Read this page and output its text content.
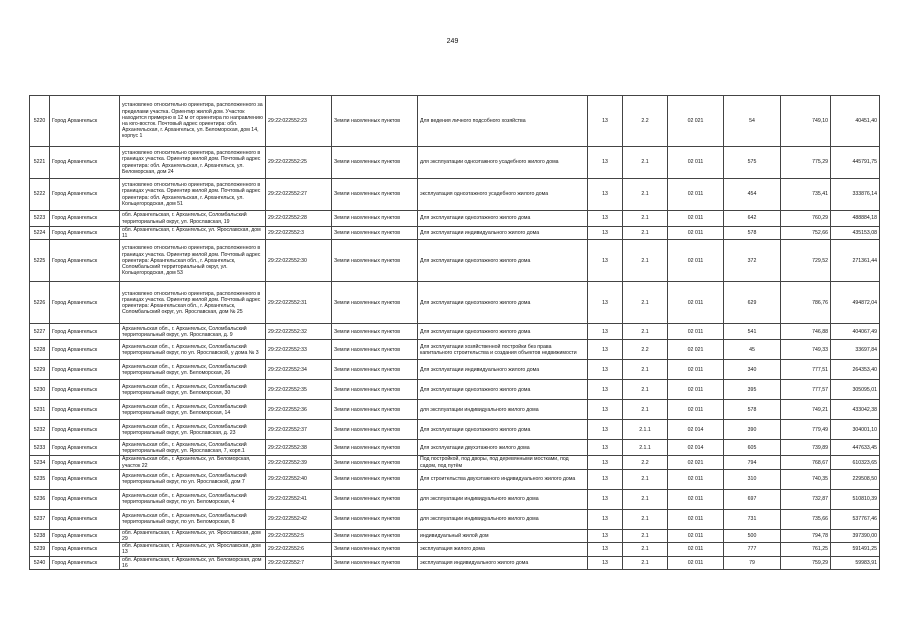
249
5220	Город Архангельск	установлено относительно ориентира, расположенного за пределами участка. Ориентир жилой дом. Участок находится примерно в 12 м от ориентира по направлению на юго-восток. Почтовый адрес ориентира: обл. Архангельская, г. Архангельск, ул. Беломорская, дом 14, корпус 1	29:22:022552:23	Земли населенных пунктов	Для ведения личного подсобного хозяйства	13	2.2	02 021	54	749,10	40451,40
5221	Город Архангельск	установлено относительно ориентира, расположенного в границах участка. Ориентир жилой дом. Почтовый адрес ориентира: обл. Архангельская, г. Архангельск, ул. Беломорская, дом 24	29:22:022552:25	Земли населенных пунктов	для эксплуатации одноэтажного усадебного жилого дома	13	2.1	02 011	575	775,29	445791,75
5222	Город Архангельск	установлено относительно ориентира, расположенного в границах участка. Ориентир жилой дом. Почтовый адрес ориентира: обл. Архангельская, г. Архангельск, ул. Кольцегородская, дом 51	29:22:022552:27	Земли населенных пунктов	эксплуатация одноэтажного усадебного жилого дома	13	2.1	02 011	454	735,41	333876,14
5223	Город Архангельск	обл. Архангельская, г. Архангельск, Соломбальский территориальный округ, ул. Ярославская, 19	29:22:022552:28	Земли населенных пунктов	Для эксплуатации одноэтажного жилого дома	13	2.1	02 011	642	760,29	488884,18
5224	Город Архангельск	обл. Архангельская, г. Архангельск, ул. Ярославская, дом 11	29:22:022552:3	Земли населенных пунктов	Для эксплуатации индивидуального жилого дома	13	2.1	02 011	578	752,66	435153,08
5225	Город Архангельск	установлено относительно ориентира, расположенного в границах участка. Ориентир жилой дом. Почтовый адрес ориентира: Архангельская обл., г. Архангельск, Соломбальский территориальный округ, ул. Кольцегородская, дом 53	29:22:022552:30	Земли населенных пунктов	Для эксплуатации одноэтажного жилого дома	13	2.1	02 011	372	729,52	271361,44
5226	Город Архангельск	установлено относительно ориентира, расположенного в границах участка. Ориентир жилой дом. Почтовый адрес ориентира: Архангельская обл., г. Архангельск, Соломбальский округ, ул. Ярославская, дом № 25	29:22:022552:31	Земли населенных пунктов	Для эксплуатации одноэтажного жилого дома	13	2.1	02 011	629	786,76	494872,04
5227	Город Архангельск	Архангельская обл., г. Архангельск, Соломбальский территориальный округ, ул. Ярославская, д. 9	29:22:022552:32	Земли населенных пунктов	Для эксплуатации одноэтажного жилого дома	13	2.1	02 011	541	746,88	404067,49
5228	Город Архангельск	Архангельская обл., г. Архангельск, Соломбальский территориальный округ, по ул. Ярославской, у дома № 3	29:22:022552:33	Земли населенных пунктов	Для эксплуатации хозяйственной постройки без права капитального строительства и создания объектов недвижимости	13	2.2	02 021	45	749,33	33697,84
5229	Город Архангельск	Архангельская обл., г. Архангельск, Соломбальский территориальный округ, ул. Беломорская, 26	29:22:022552:34	Земли населенных пунктов	Для эксплуатации индивидуального жилого дома	13	2.1	02 011	340	777,51	264353,40
5230	Город Архангельск	Архангельская обл., г. Архангельск, Соломбальский территориальный округ, ул. Беломорская, 30	29:22:022552:35	Земли населенных пунктов	Для эксплуатации одноэтажного жилого дома	13	2.1	02 011	395	777,57	305095,01
5231	Город Архангельск	Архангельская обл., г. Архангельск, Соломбальский территориальный округ, ул. Беломорская, 14	29:22:022552:36	Земли населенных пунктов	для эксплуатации индивидуального жилого дома	13	2.1	02 011	578	749,21	433042,38
5232	Город Архангельск	Архангельская обл., г. Архангельск, Соломбальский территориальный округ, ул. Ярославская, д. 23	29:22:022552:37	Земли населенных пунктов	Для эксплуатации одноэтажного жилого дома	13	2.1.1	02 014	390	779,49	304001,10
5233	Город Архангельск	Архангельская обл., г. Архангельск, Соломбальский территориальный округ, ул. Ярославская, 7, корп.1	29:22:022552:38	Земли населенных пунктов	Для эксплуатации двухэтажного жилого дома	13	2.1.1	02 014	605	739,89	447633,45
5234	Город Архангельск	Архангельская обл., г. Архангельск, ул. Беломорская, участок 22	29:22:022552:39	Земли населенных пунктов	Под постройкой, под дворы, под деревянными мостками, под садом, под путём	13	2.2	02 021	794	768,67	610323,65
5235	Город Архангельск	Архангельская обл., г. Архангельск, Соломбальский территориальный округ, по ул. Ярославской, дом 7	29:22:022552:40	Земли населенных пунктов	Для строительства двухэтажного индивидуального жилого дома	13	2.1	02 011	310	740,35	229508,50
5236	Город Архангельск	Архангельская обл., г. Архангельск, Соломбальский территориальный округ, по ул. Беломорская, 4	29:22:022552:41	Земли населенных пунктов	для эксплуатации индивидуального жилого дома	13	2.1	02 011	697	732,87	510810,39
5237	Город Архангельск	Архангельская обл., г. Архангельск, Соломбальский территориальный округ, по ул. Беломорская, 8	29:22:022552:42	Земли населенных пунктов	для эксплуатации индивидуального жилого дома	13	2.1	02 011	731	735,66	537767,46
5238	Город Архангельск	обл. Архангельская, г. Архангельск, ул. Ярославская, дом 29	29:22:022552:5	Земли населенных пунктов	индивидуальный жилой дом	13	2.1	02 011	500	794,78	397390,00
5239	Город Архангельск	обл. Архангельская, г. Архангельск, ул. Ярославская, дом 13	29:22:022552:6	Земли населенных пунктов	эксплуатация жилого дома	13	2.1	02 011	777	761,25	591491,25
5240	Город Архангельск	обл. Архангельская, г. Архангельск, ул. Беломорская, дом 16	29:22:022552:7	Земли населенных пунктов	эксплуатация индивидуального жилого дома	13	2.1	02 011	79	759,29	59983,91
